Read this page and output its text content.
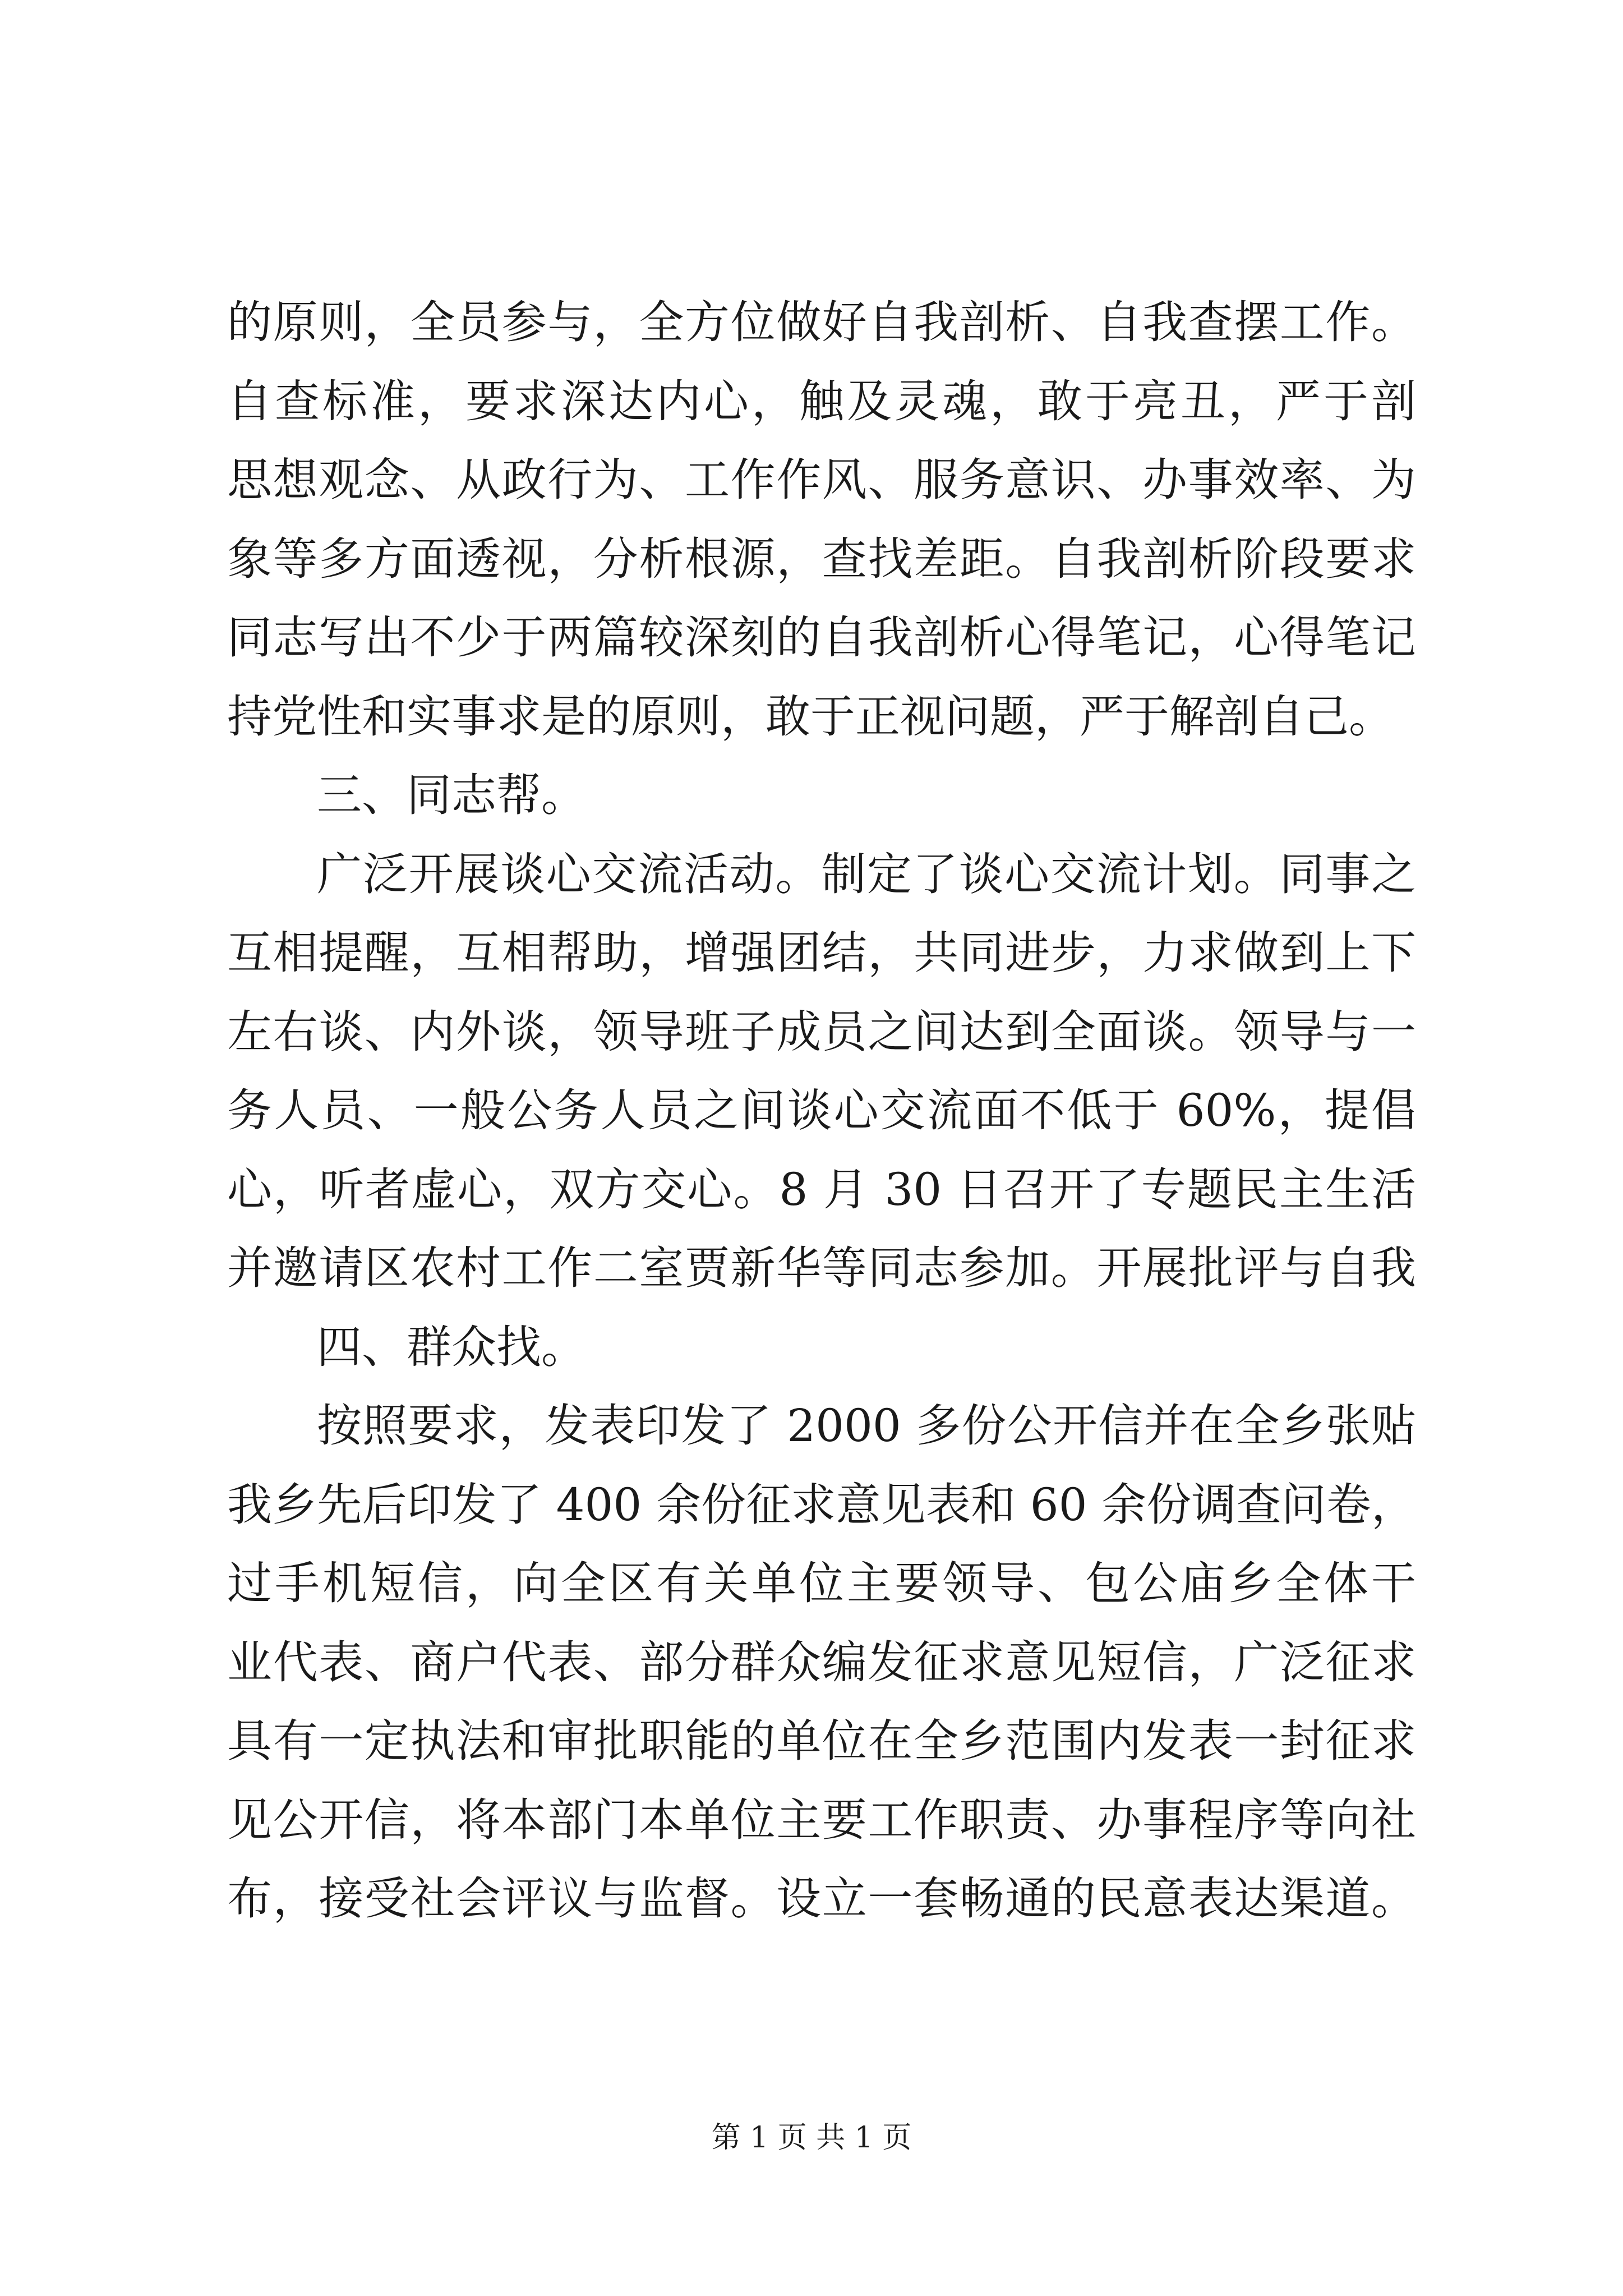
的原则，全员参与，全方位做好自我剖析、自我查摆工作。
自查标准，要求深达内心，触及灵魂，敢于亮丑，严于剖
思想观念、从政行为、工作作风、服务意识、办事效率、为
象等多方面透视，分析根源，查找差距。自我剖析阶段要求
同志写出不少于两篇较深刻的自我剖析心得笔记，心得笔记
持党性和实事求是的原则，敢于正视问题，严于解剖自己。
三、同志帮。
广泛开展谈心交流活动。制定了谈心交流计划。同事之
互相提醒，互相帮助，增强团结，共同进步，力求做到上下
左右谈、内外谈，领导班子成员之间达到全面谈。领导与一
务人员、一般公务人员之间谈心交流面不低于 60%，提倡
心，听者虚心，双方交心。8 月 30 日召开了专题民主生活
并邀请区农村工作二室贾新华等同志参加。开展批评与自我
四、群众找。
按照要求，发表印发了 2000 多份公开信并在全乡张贴
我乡先后印发了 400 余份征求意见表和 60 余份调查问卷，
过手机短信，向全区有关单位主要领导、包公庙乡全体干
业代表、商户代表、部分群众编发征求意见短信，广泛征求
具有一定执法和审批职能的单位在全乡范围内发表一封征求
见公开信，将本部门本单位主要工作职责、办事程序等向社
布，接受社会评议与监督。设立一套畅通的民意表达渠道。
第 1 页 共 1 页
